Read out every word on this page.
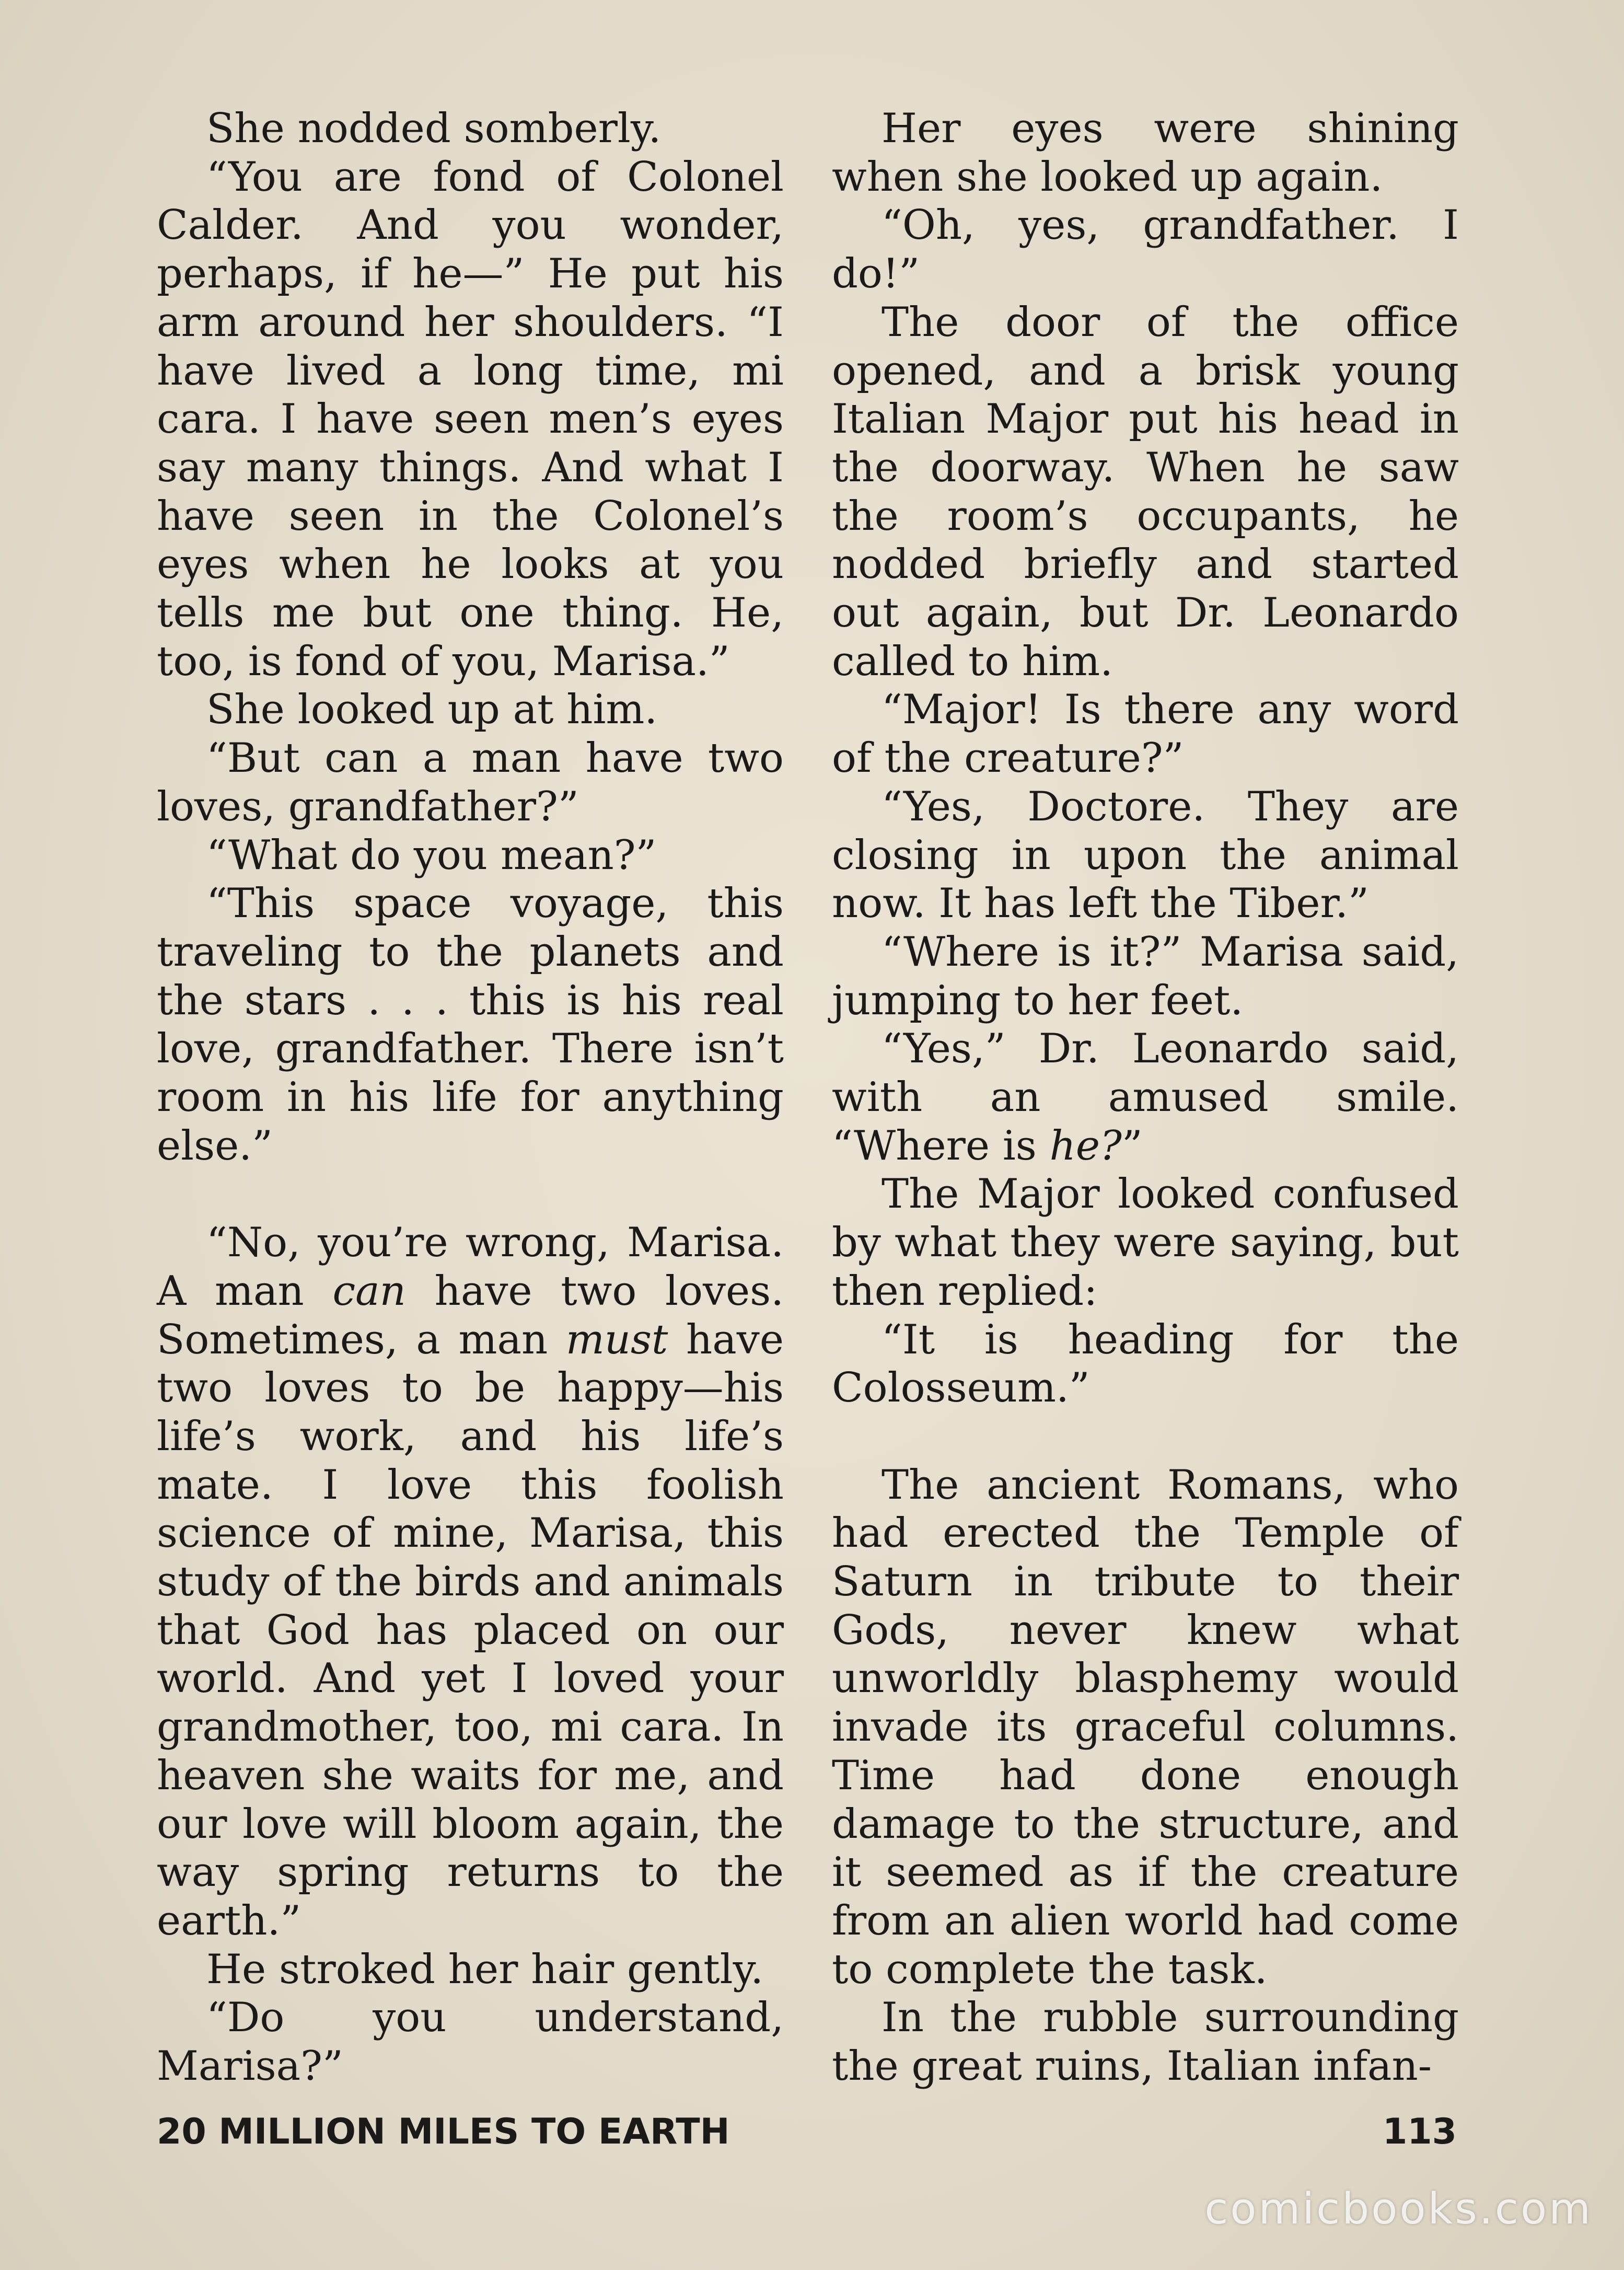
She nodded somberly.

“You are fond of Colonel Calder. And you wonder, perhaps, if he—” He put his arm around her shoulders. “I have lived a long time, mi cara. I have seen men’s eyes say many things. And what I have seen in the Colonel’s eyes when he looks at you tells me but one thing. He, too, is fond of you, Marisa.”

She looked up at him.

“But can a man have two loves, grandfather?”

“What do you mean?”

“This space voyage, this traveling to the planets and the stars . . . this is his real love, grandfather. There isn’t room in his life for anything else.”

“No, you’re wrong, Marisa. A man can have two loves. Sometimes, a man must have two loves to be happy—his life’s work, and his life’s mate. I love this foolish science of mine, Marisa, this study of the birds and animals that God has placed on our world. And yet I loved your grandmother, too, mi cara. In heaven she waits for me, and our love will bloom again, the way spring returns to the earth.”

He stroked her hair gently.

“Do you understand, Marisa?”

Her eyes were shining when she looked up again.

“Oh, yes, grandfather. I do!”

The door of the office opened, and a brisk young Italian Major put his head in the doorway. When he saw the room’s occupants, he nodded briefly and started out again, but Dr. Leonardo called to him.

“Major! Is there any word of the creature?”

“Yes, Doctore. They are closing in upon the animal now. It has left the Tiber.”

“Where is it?” Marisa said, jumping to her feet.

“Yes,” Dr. Leonardo said, with an amused smile. “Where is he?”

The Major looked confused by what they were saying, but then replied:

“It is heading for the Colosseum.”

The ancient Romans, who had erected the Temple of Saturn in tribute to their Gods, never knew what unworldly blasphemy would invade its graceful columns. Time had done enough damage to the structure, and it seemed as if the creature from an alien world had come to complete the task.

In the rubble surrounding the great ruins, Italian infan-

20 MILLION MILES TO EARTH	113
comicbooks.com
